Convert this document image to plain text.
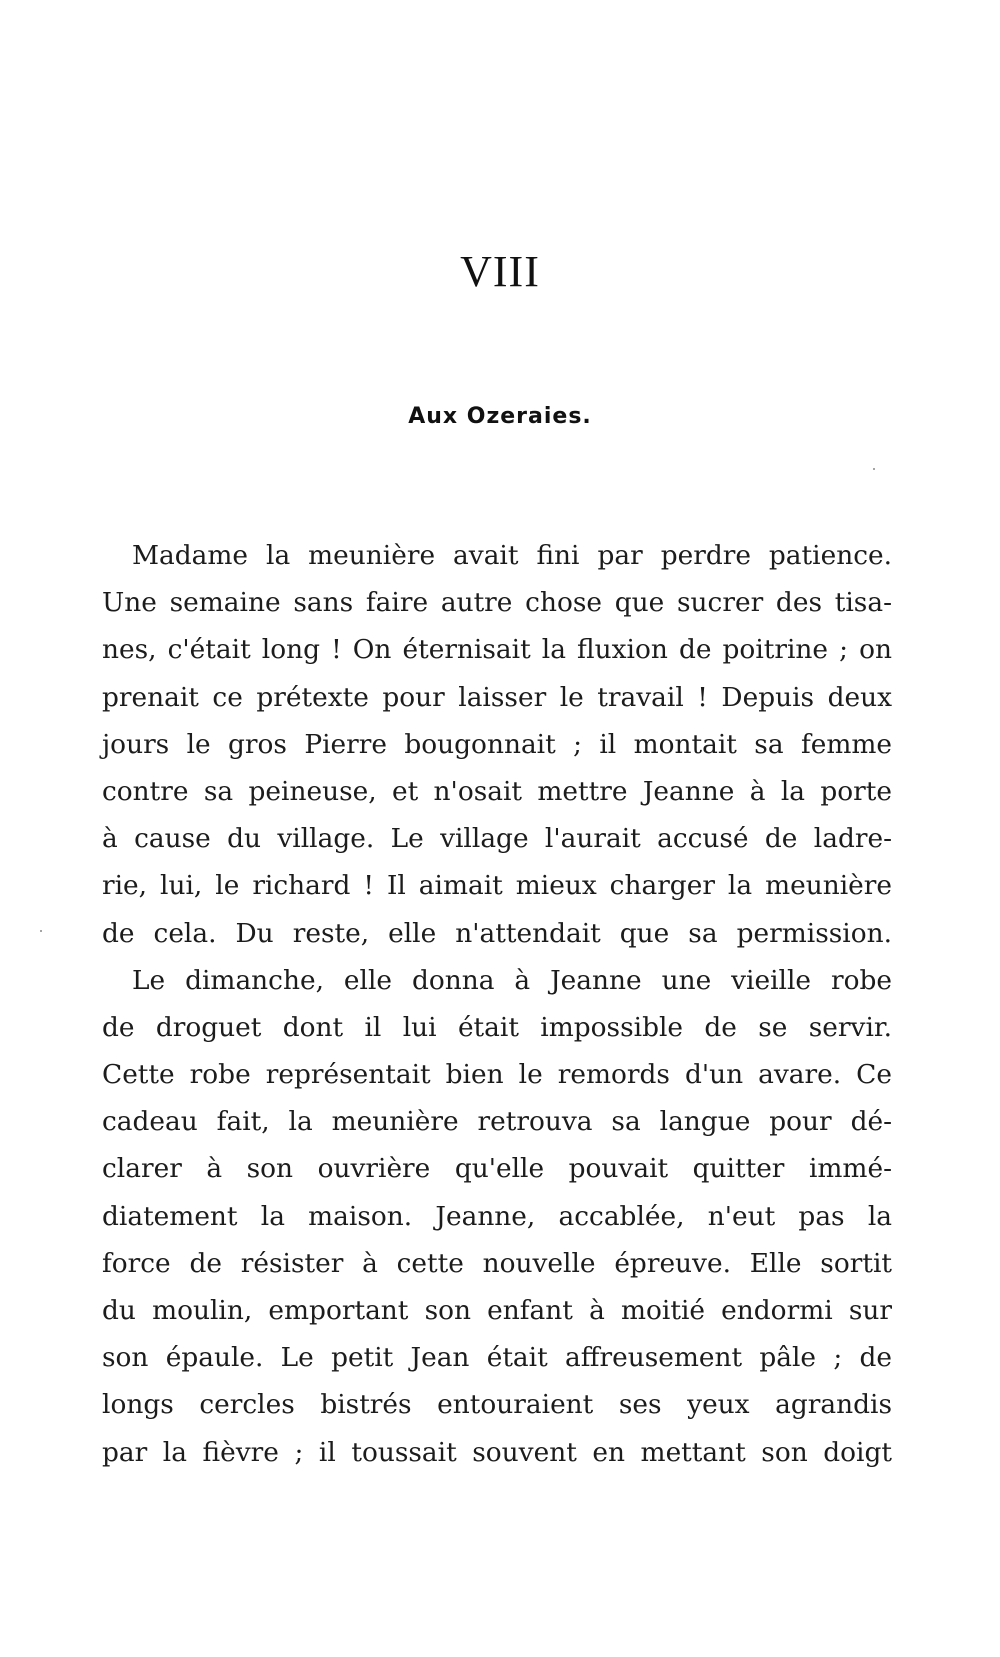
VIII
Aux Ozeraies.
Madame la meunière avait fini par perdre patience.
Une semaine sans faire autre chose que sucrer des tisa-
nes, c'était long ! On éternisait la fluxion de poitrine ; on
prenait ce prétexte pour laisser le travail ! Depuis deux
jours le gros Pierre bougonnait ; il montait sa femme
contre sa peineuse, et n'osait mettre Jeanne à la porte
à cause du village. Le village l'aurait accusé de ladre-
rie, lui, le richard ! Il aimait mieux charger la meunière
de cela. Du reste, elle n'attendait que sa permission.
Le dimanche, elle donna à Jeanne une vieille robe
de droguet dont il lui était impossible de se servir.
Cette robe représentait bien le remords d'un avare. Ce
cadeau fait, la meunière retrouva sa langue pour dé-
clarer à son ouvrière qu'elle pouvait quitter immé-
diatement la maison. Jeanne, accablée, n'eut pas la
force de résister à cette nouvelle épreuve. Elle sortit
du moulin, emportant son enfant à moitié endormi sur
son épaule. Le petit Jean était affreusement pâle ; de
longs cercles bistrés entouraient ses yeux agrandis
par la fièvre ; il toussait souvent en mettant son doigt
